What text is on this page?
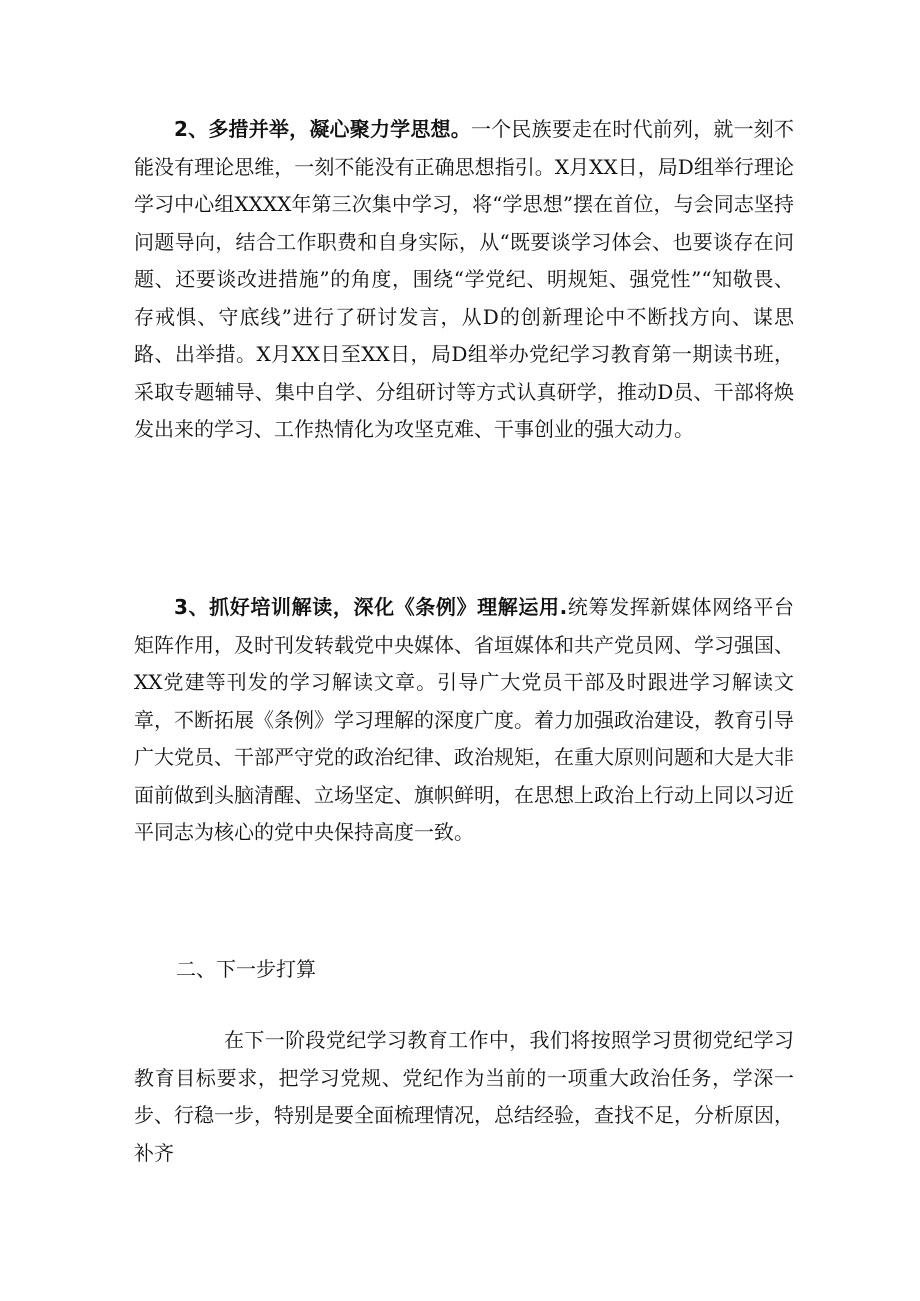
2、多措并举，凝心聚力学思想。一个民族要走在时代前列，就一刻不能没有理论思维，一刻不能没有正确思想指引。X月XX日，局D组举行理论学习中心组XXXX年第三次集中学习，将“学思想”摆在首位，与会同志坚持问题导向，结合工作职费和自身实际，从“既要谈学习体会、也要谈存在问题、还要谈改进措施”的角度，围绕“学党纪、明规矩、强党性”“知敬畏、存戒惧、守底线”进行了研讨发言，从D的创新理论中不断找方向、谋思路、出举措。X月XX日至XX日，局D组举办党纪学习教育第一期读书班，采取专题辅导、集中自学、分组研讨等方式认真研学，推动D员、干部将焕发出来的学习、工作热情化为攻坚克难、干事创业的强大动力。

3、抓好培训解读，深化《条例》理解运用.统筹发挥新媒体网络平台矩阵作用，及时刊发转载党中央媒体、省垣媒体和共产党员网、学习强国、XX党建等刊发的学习解读文章。引导广大党员干部及时跟进学习解读文章，不断拓展《条例》学习理解的深度广度。着力加强政治建设，教育引导广大党员、干部严守党的政治纪律、政治规矩，在重大原则问题和大是大非面前做到头脑清醒、立场坚定、旗帜鲜明，在思想上政治上行动上同以习近平同志为核心的党中央保持高度一致。

二、下一步打算

在下一阶段党纪学习教育工作中，我们将按照学习贯彻党纪学习教育目标要求，把学习党规、党纪作为当前的一项重大政治任务，学深一步、行稳一步，特别是要全面梳理情况，总结经验，查找不足，分析原因，补齐
